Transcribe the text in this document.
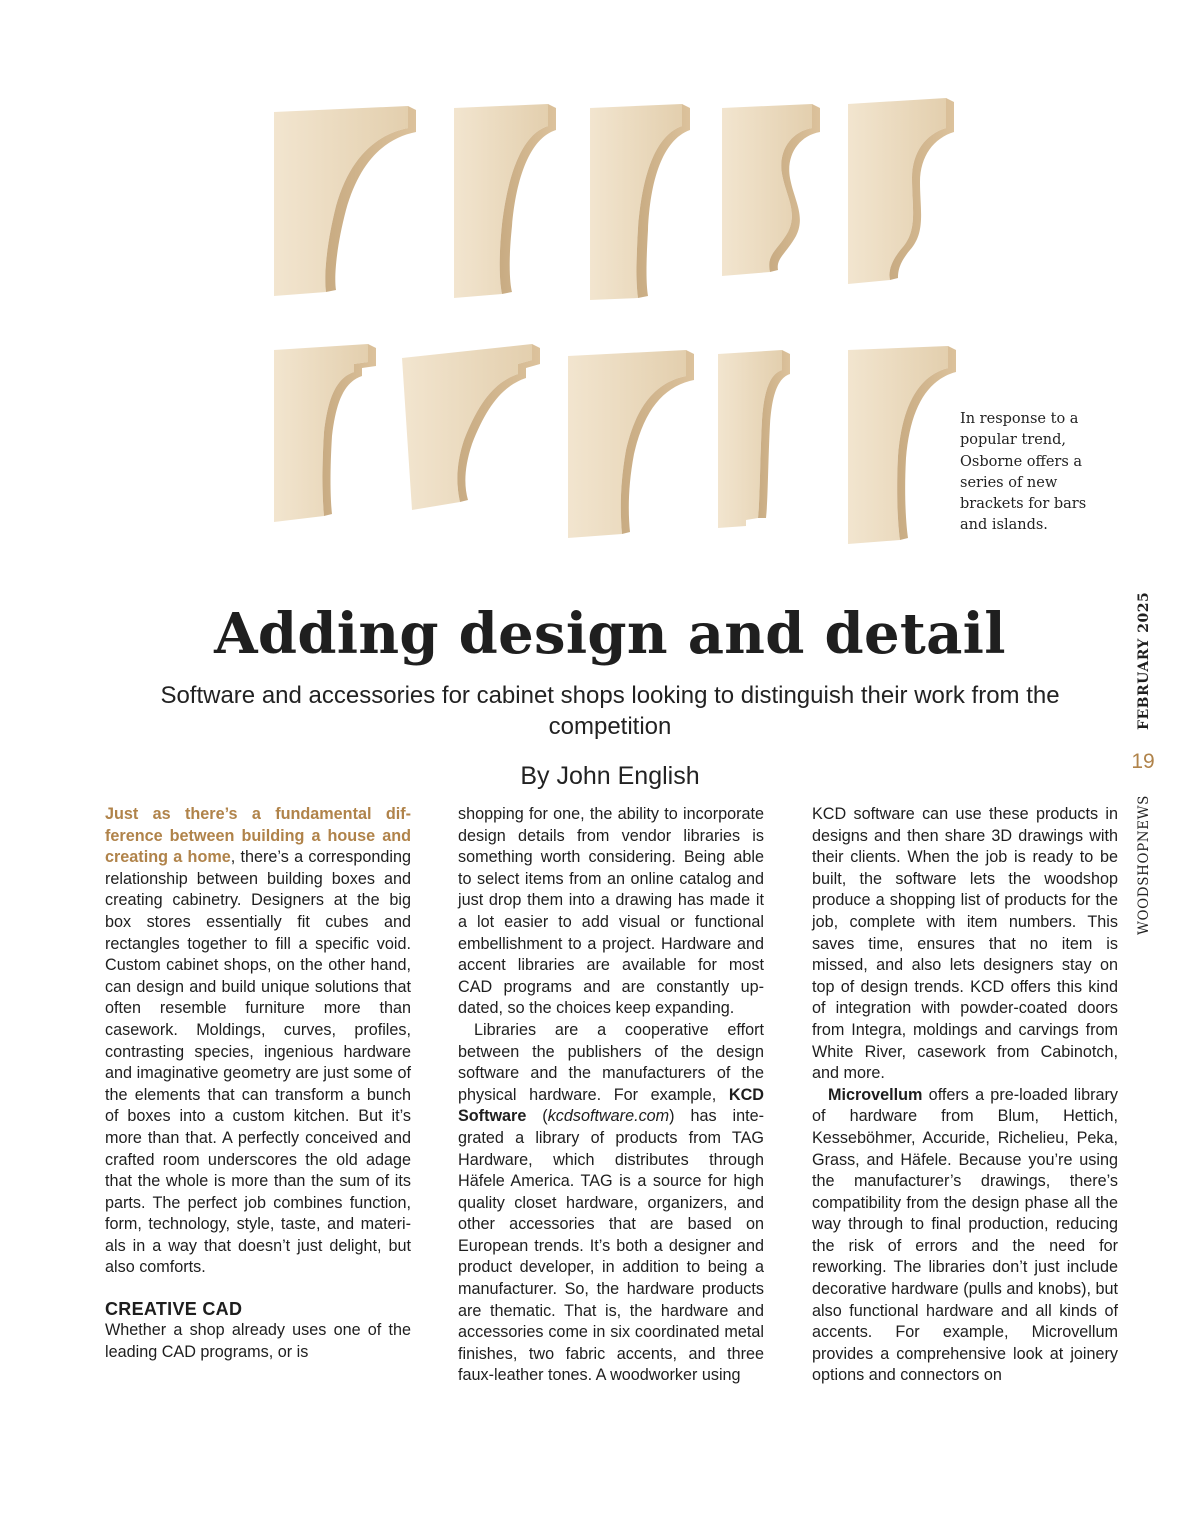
In response to a popular trend, Osborne offers a series of new brackets for bars and islands.
Adding design and detail

Software and accessories for cabinet shops looking to distinguish their work from the competition

By John English
FEBRUARY 2025
19
WOODSHOPNEWS

Just as there’s a fundamental difference between building a house and creating a home, there’s a corresponding relationship between building boxes and creating cabinetry. Designers at the big box stores essentially fit cubes and rectangles together to fill a specific void. Custom cabinet shops, on the other hand, can design and build unique solutions that often resemble furniture more than casework. Moldings, curves, profiles, contrasting species, ingenious hardware and imaginative geometry are just some of the elements that can transform a bunch of boxes into a custom kitchen. But it’s more than that. A perfectly conceived and crafted room underscores the old adage that the whole is more than the sum of its parts. The perfect job combines function, form, technology, style, taste, and materials in a way that doesn’t just delight, but also comforts.

CREATIVE CAD

Whether a shop already uses one of the leading CAD programs, or is

shopping for one, the ability to incorporate design details from vendor libraries is something worth considering. Being able to select items from an online catalog and just drop them into a drawing has made it a lot easier to add visual or functional embellishment to a project. Hardware and accent libraries are available for most CAD programs and are constantly updated, so the choices keep expanding.

Libraries are a cooperative effort between the publishers of the design software and the manufacturers of the physical hardware. For example, KCD Software (kcdsoftware.com) has integrated a library of products from TAG Hardware, which distributes through Häfele America. TAG is a source for high quality closet hardware, organizers, and other accessories that are based on European trends. It’s both a designer and product developer, in addition to being a manufacturer. So, the hardware products are thematic. That is, the hardware and accessories come in six coordinated metal finishes, two fabric accents, and three faux-leather tones. A woodworker using

KCD software can use these products in designs and then share 3D drawings with their clients. When the job is ready to be built, the software lets the woodshop produce a shopping list of products for the job, complete with item numbers. This saves time, ensures that no item is missed, and also lets designers stay on top of design trends. KCD offers this kind of integration with powder-coated doors from Integra, moldings and carvings from White River, casework from Cabinotch, and more.

Microvellum offers a pre-loaded library of hardware from Blum, Hettich, Kesseböhmer, Accuride, Richelieu, Peka, Grass, and Häfele. Because you’re using the manufacturer’s drawings, there’s compatibility from the design phase all the way through to final production, reducing the risk of errors and the need for reworking. The libraries don’t just include decorative hardware (pulls and knobs), but also functional hardware and all kinds of accents. For example, Microvellum provides a comprehensive look at joinery options and connectors on
